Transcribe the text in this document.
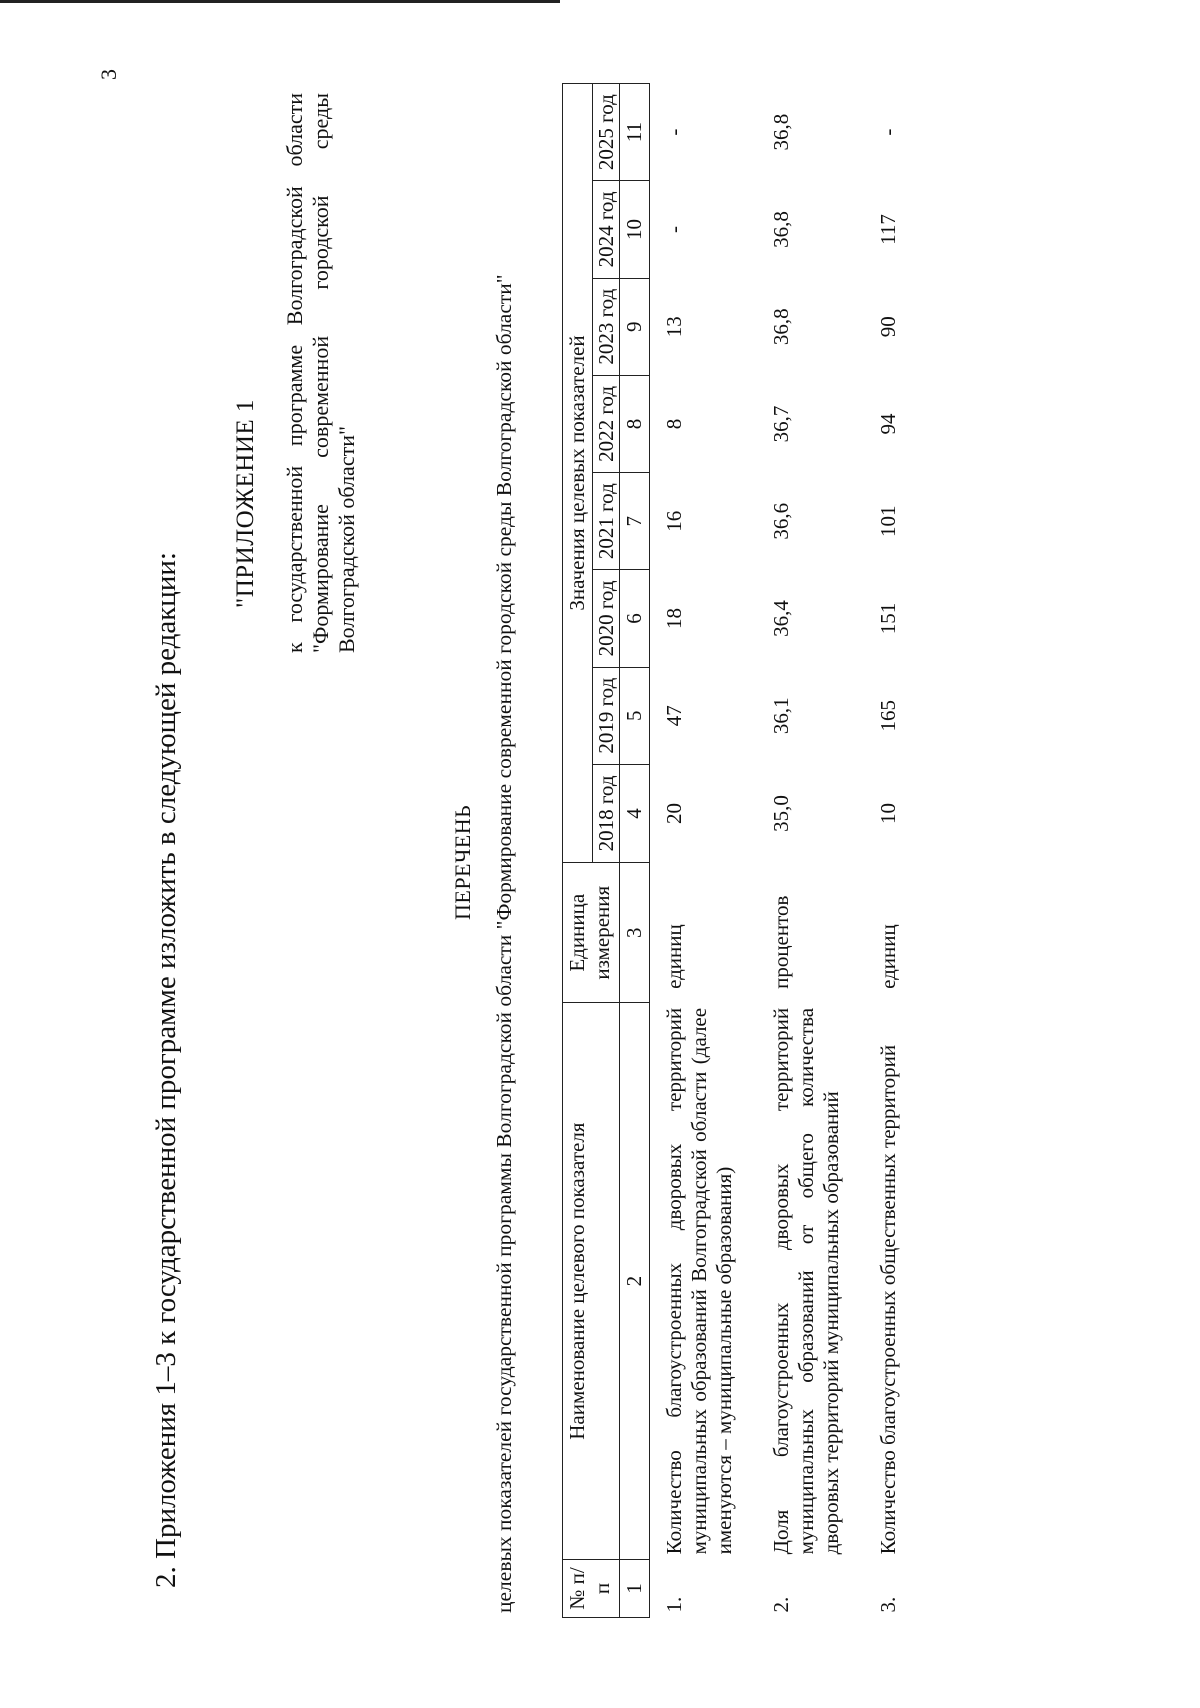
2. Приложения 1–3 к государственной программе изложить в следующей редакции:
"ПРИЛОЖЕНИЕ 1 к государственной программе Волгоградской области "Формирование современной городской среды Волгоградской области"
ПЕРЕЧЕНЬ целевых показателей государственной программы Волгоградской области "Формирование современной городской среды Волгоградской области" № п/п	Наименование целевого показателя	Единица измерения	Значения целевых показателей							
			2018 год	2019 год	2020 год	2021 год	2022 год	2023 год	2024 год	2025 год
1	2	3	4	5	6	7	8	9	10	11
1.	Количество благоустроенных дворовых территорий муниципальных образований Волгоградской области (далее именуются – муниципальные образования)	единиц	20	47	18	16	8	13	-	-
2.	Доля благоустроенных дворовых территорий муниципальных образований от общего количества дворовых территорий муниципальных образований	процентов	35,0	36,1	36,4	36,6	36,7	36,8	36,8	36,8
3.	Количество благоустроенных общественных территорий	единиц	10	165	151	101	94	90	117	-
3
